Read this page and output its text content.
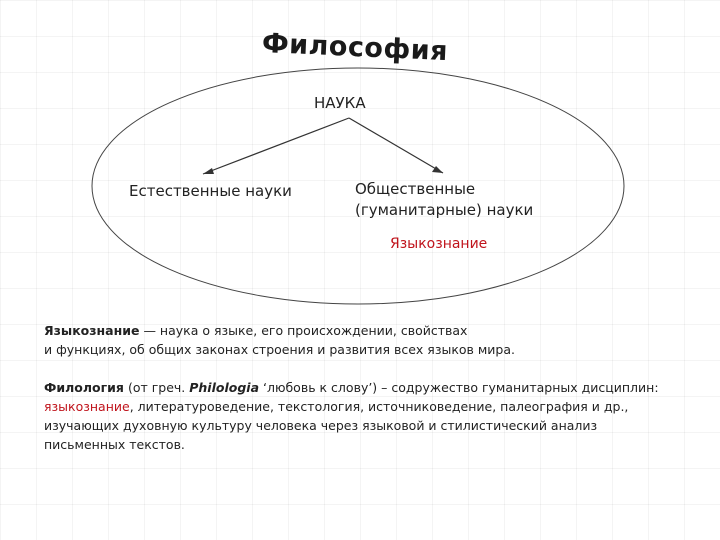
Философия
НАУКА
Естественные науки	Общественные
(гуманитарные) науки
Языкознание
Языкознание — наука о языке, его происхождении, свойствах
и функциях, об общих законах строения и развития всех языков мира.
Филология (от греч. Philologia ‘любовь к слову’) – содружество гуманитарных дисциплин:
языкознание, литературоведение, текстология, источниковедение, палеография и др.,
изучающих духовную культуру человека через языковой и стилистический анализ
письменных текстов.
